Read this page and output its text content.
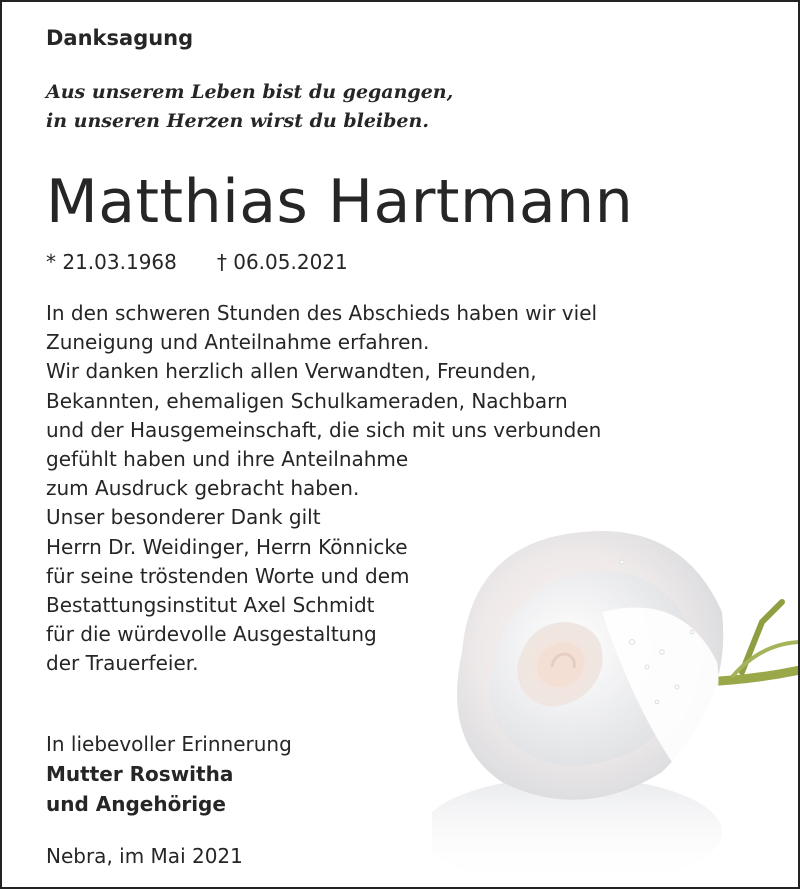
Danksagung

Aus unserem Leben bist du gegangen,
in unseren Herzen wirst du bleiben.

Matthias Hartmann

* 21.03.1968 † 06.05.2021
In den schweren Stunden des Abschieds haben wir viel
Zuneigung und Anteilnahme erfahren.
Wir danken herzlich allen Verwandten, Freunden,
Bekannten, ehemaligen Schulkameraden, Nachbarn
und der Hausgemeinschaft, die sich mit uns verbunden
gefühlt haben und ihre Anteilnahme
zum Ausdruck gebracht haben.
Unser besonderer Dank gilt
Herrn Dr. Weidinger, Herrn Könnicke
für seine tröstenden Worte und dem
Bestattungsinstitut Axel Schmidt
für die würdevolle Ausgestaltung
der Trauerfeier.
In liebevoller Erinnerung
Mutter Roswitha
und Angehörige

Nebra, im Mai 2021
